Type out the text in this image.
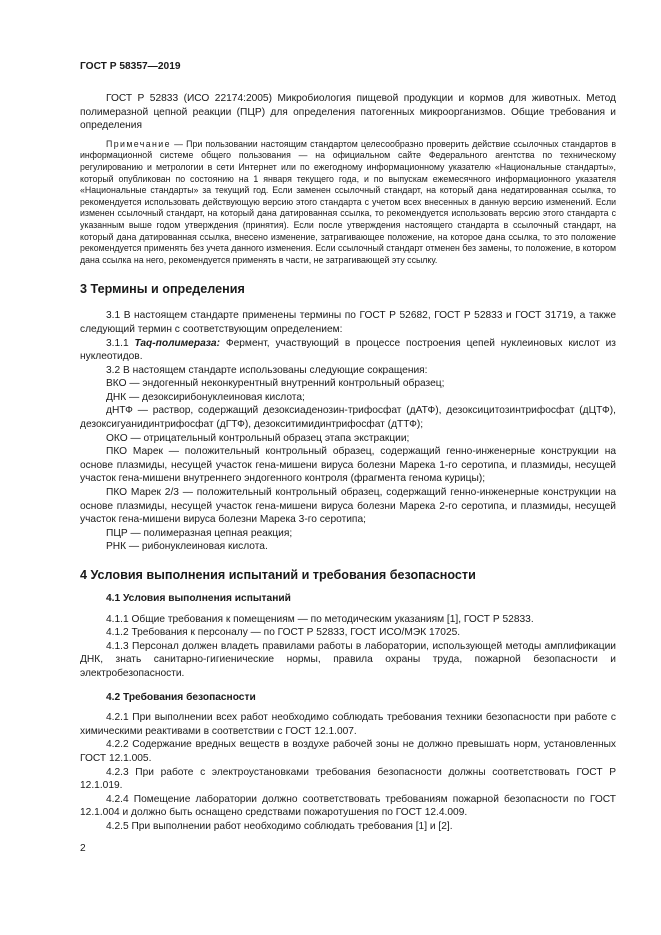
ГОСТ Р 58357—2019

ГОСТ Р 52833 (ИСО 22174:2005) Микробиология пищевой продукции и кормов для животных. Метод полимеразной цепной реакции (ПЦР) для определения патогенных микроорганизмов. Общие требования и определения

Примечание — При пользовании настоящим стандартом целесообразно проверить действие ссылочных стандартов в информационной системе общего пользования — на официальном сайте Федерального агентства по техническому регулированию и метрологии в сети Интернет или по ежегодному информационному указателю «Национальные стандарты», который опубликован по состоянию на 1 января текущего года, и по выпускам ежемесячного информационного указателя «Национальные стандарты» за текущий год. Если заменен ссылочный стандарт, на который дана недатированная ссылка, то рекомендуется использовать действующую версию этого стандарта с учетом всех внесенных в данную версию изменений. Если изменен ссылочный стандарт, на который дана датированная ссылка, то рекомендуется использовать версию этого стандарта с указанным выше годом утверждения (принятия). Если после утверждения настоящего стандарта в ссылочный стандарт, на который дана датированная ссылка, внесено изменение, затрагивающее положение, на которое дана ссылка, то это положение рекомендуется применять без учета данного изменения. Если ссылочный стандарт отменен без замены, то положение, в котором дана ссылка на него, рекомендуется применять в части, не затрагивающей эту ссылку.

3 Термины и определения

3.1 В настоящем стандарте применены термины по ГОСТ Р 52682, ГОСТ Р 52833 и ГОСТ 31719, а также следующий термин с соответствующим определением:

3.1.1 Taq-полимераза: Фермент, участвующий в процессе построения цепей нуклеиновых кислот из нуклеотидов.

3.2 В настоящем стандарте использованы следующие сокращения:

ВКО — эндогенный неконкурентный внутренний контрольный образец;

ДНК — дезоксирибонуклеиновая кислота;

дНТФ — раствор, содержащий дезоксиаденозин-трифосфат (дАТФ), дезоксицитозинтрифосфат (дЦТФ), дезоксигуанидинтрифосфат (дГТФ), дезокситимидинтрифосфат (дТТФ);

ОКО — отрицательный контрольный образец этапа экстракции;

ПКО Марек — положительный контрольный образец, содержащий генно-инженерные конструкции на основе плазмиды, несущей участок гена-мишени вируса болезни Марека 1-го серотипа, и плазмиды, несущей участок гена-мишени внутреннего эндогенного контроля (фрагмента генома курицы);

ПКО Марек 2/3 — положительный контрольный образец, содержащий генно-инженерные конструкции на основе плазмиды, несущей участок гена-мишени вируса болезни Марека 2-го серотипа, и плазмиды, несущей участок гена-мишени вируса болезни Марека 3-го серотипа;

ПЦР — полимеразная цепная реакция;

РНК — рибонуклеиновая кислота.

4 Условия выполнения испытаний и требования безопасности
4.1 Условия выполнения испытаний

4.1.1 Общие требования к помещениям — по методическим указаниям [1], ГОСТ Р 52833.

4.1.2 Требования к персоналу — по ГОСТ Р 52833, ГОСТ ИСО/МЭК 17025.

4.1.3 Персонал должен владеть правилами работы в лаборатории, использующей методы амплификации ДНК, знать санитарно-гигиенические нормы, правила охраны труда, пожарной безопасности и электробезопасности.

4.2 Требования безопасности

4.2.1 При выполнении всех работ необходимо соблюдать требования техники безопасности при работе с химическими реактивами в соответствии с ГОСТ 12.1.007.

4.2.2 Содержание вредных веществ в воздухе рабочей зоны не должно превышать норм, установленных ГОСТ 12.1.005.

4.2.3 При работе с электроустановками требования безопасности должны соответствовать ГОСТ Р 12.1.019.

4.2.4 Помещение лаборатории должно соответствовать требованиям пожарной безопасности по ГОСТ 12.1.004 и должно быть оснащено средствами пожаротушения по ГОСТ 12.4.009.

4.2.5 При выполнении работ необходимо соблюдать требования [1] и [2].

2
